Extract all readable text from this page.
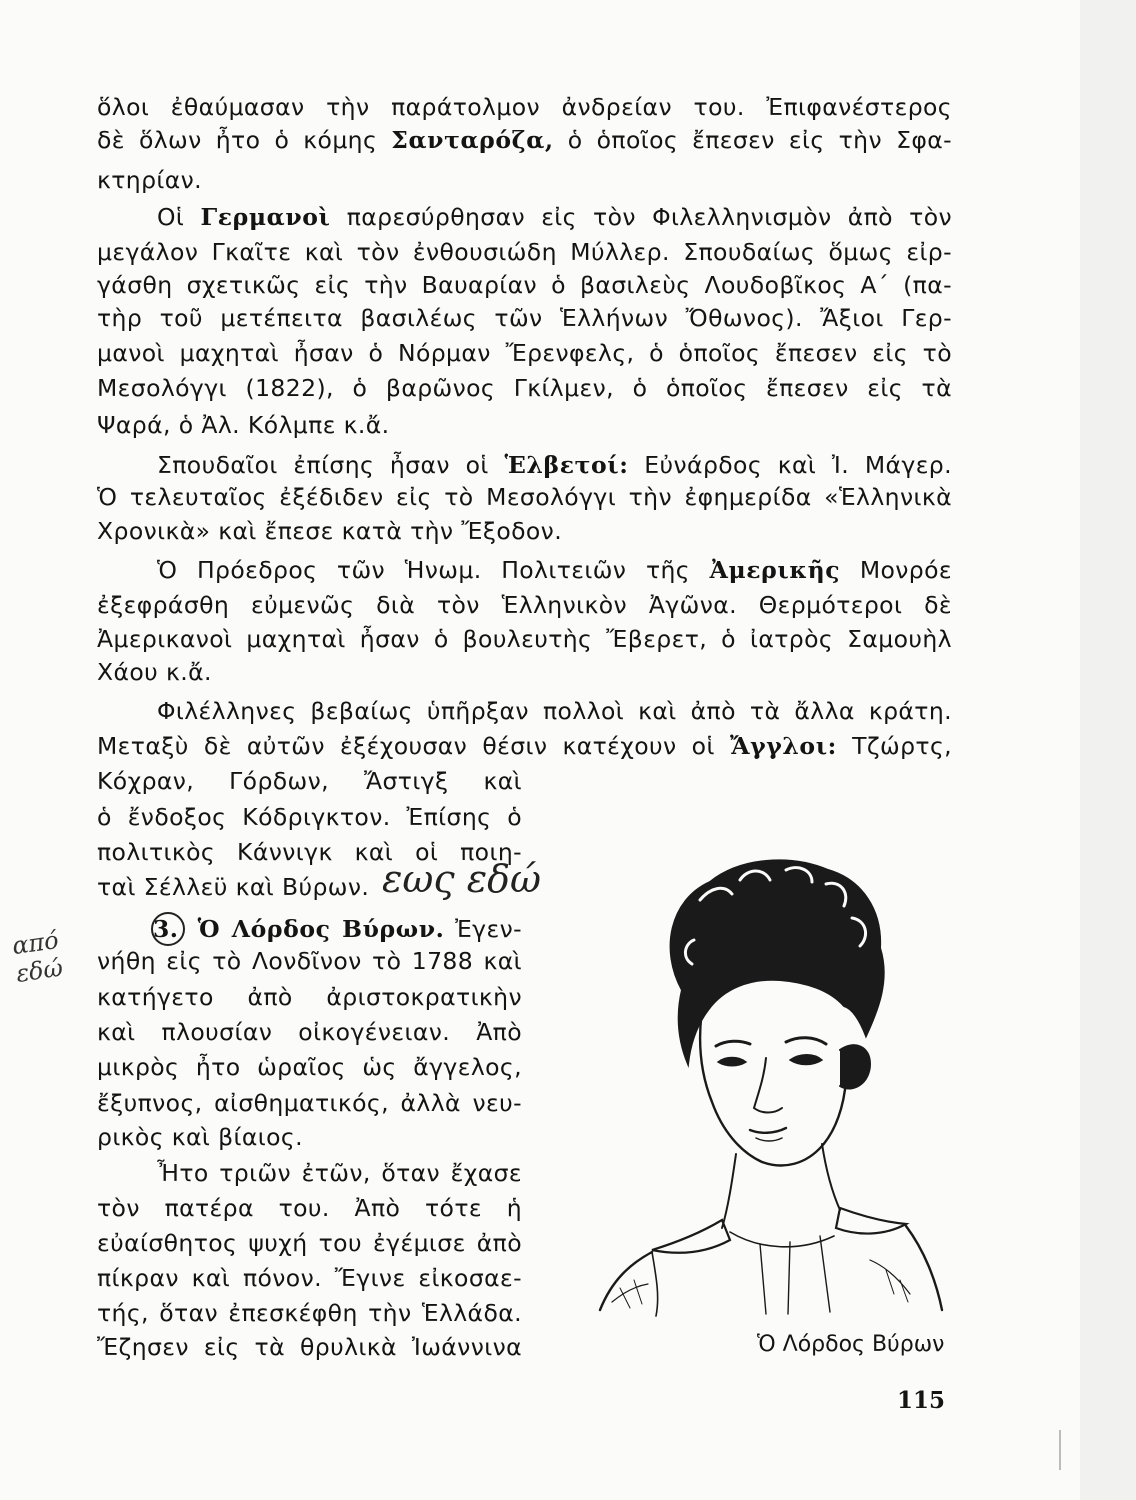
ὅλοι ἐθαύμασαν τὴν παράτολμον ἀνδρείαν του. Ἐπιφανέστερος
δὲ ὅλων ἦτο ὁ κόμης Σανταρόζα, ὁ ὁποῖος ἔπεσεν εἰς τὴν Σφα-
κτηρίαν.
Οἱ Γερμανοὶ παρεσύρθησαν εἰς τὸν Φιλελληνισμὸν ἀπὸ τὸν
μεγάλον Γκαῖτε καὶ τὸν ἐνθουσιώδη Μύλλερ. Σπουδαίως ὅμως εἰρ-
γάσθη σχετικῶς εἰς τὴν Βαυαρίαν ὁ βασιλεὺς Λουδοβῖκος Α΄ (πα-
τὴρ τοῦ μετέπειτα βασιλέως τῶν Ἑλλήνων Ὄθωνος). Ἄξιοι Γερ-
μανοὶ μαχηταὶ ἦσαν ὁ Νόρμαν Ἔρενφελς, ὁ ὁποῖος ἔπεσεν εἰς τὸ
Μεσολόγγι (1822), ὁ βαρῶνος Γκίλμεν, ὁ ὁποῖος ἔπεσεν εἰς τὰ
Ψαρά, ὁ Ἀλ. Κόλμπε κ.ἄ.
Σπουδαῖοι ἐπίσης ἦσαν οἱ Ἑλβετοί: Εὐνάρδος καὶ Ἰ. Μάγερ.
Ὁ τελευταῖος ἐξέδιδεν εἰς τὸ Μεσολόγγι τὴν ἐφημερίδα «Ἑλληνικὰ
Χρονικὰ» καὶ ἔπεσε κατὰ τὴν Ἔξοδον.
Ὁ Πρόεδρος τῶν Ἡνωμ. Πολιτειῶν τῆς Ἀμερικῆς Μονρόε
ἐξεφράσθη εὐμενῶς διὰ τὸν Ἑλληνικὸν Ἀγῶνα. Θερμότεροι δὲ
Ἀμερικανοὶ μαχηταὶ ἦσαν ὁ βουλευτὴς Ἔβερετ, ὁ ἰατρὸς Σαμουὴλ
Χάου κ.ἄ.
Φιλέλληνες βεβαίως ὑπῆρξαν πολλοὶ καὶ ἀπὸ τὰ ἄλλα κράτη.
Μεταξὺ δὲ αὐτῶν ἐξέχουσαν θέσιν κατέχουν οἱ Ἄγγλοι: Τζώρτς,
Κόχραν, Γόρδων, Ἄστιγξ καὶ
ὁ ἔνδοξος Κόδριγκτον. Ἐπίσης ὁ
πολιτικὸς Κάννιγκ καὶ οἱ ποιη-
ταὶ Σέλλεϋ καὶ Βύρων.
3. Ὁ Λόρδος Βύρων. Ἐγεν-
νήθη εἰς τὸ Λονδῖνον τὸ 1788 καὶ
κατήγετο ἀπὸ ἀριστοκρατικὴν
καὶ πλουσίαν οἰκογένειαν. Ἀπὸ
μικρὸς ἦτο ὡραῖος ὡς ἄγγελος,
ἔξυπνος, αἰσθηματικός, ἀλλὰ νευ-
ρικὸς καὶ βίαιος.
Ἦτο τριῶν ἐτῶν, ὅταν ἔχασε
τὸν πατέρα του. Ἀπὸ τότε ἡ
εὐαίσθητος ψυχή του ἐγέμισε ἀπὸ
πίκραν καὶ πόνον. Ἔγινε εἰκοσαε-
τής, ὅταν ἐπεσκέφθη τὴν Ἑλλάδα.
Ἔζησεν εἰς τὰ θρυλικὰ Ἰωάννινα	Ὁ Λόρδος Βύρων
115
από
εδώ
εως εδώ
